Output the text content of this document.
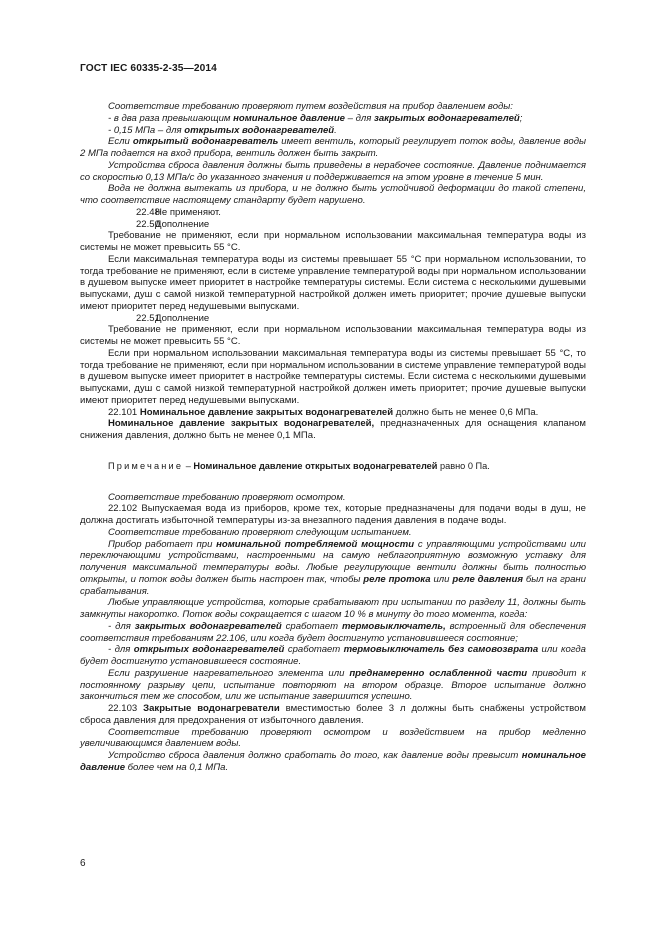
ГОСТ IEC 60335-2-35—2014

Соответствие требованию проверяют путем воздействия на прибор давлением воды:

- в два раза превышающим номинальное давление – для закрытых водонагревателей;

- 0,15 МПа – для открытых водонагревателей.

Если открытый водонагреватель имеет вентиль, который регулирует поток воды, давление воды 2 МПа подается на вход прибора, вентиль должен быть закрыт.

Устройства сброса давления должны быть приведены в нерабочее состояние. Давление поднимается со скоростью 0,13 МПа/с до указанного значения и поддерживается на этом уровне в течение 5 мин.

Вода не должна вытекать из прибора, и не должно быть устойчивой деформации до такой степени, что соответствие настоящему стандарту будет нарушено.

22.48Не применяют.

22.50Дополнение

Требование не применяют, если при нормальном использовании максимальная температура воды из системы не может превысить 55 °С.

Если максимальная температура воды из системы превышает 55 °С при нормальном использовании, то тогда требование не применяют, если в системе управление температурой воды при нормальном использовании в душевом выпуске имеет приоритет в настройке температуры системы. Если система с несколькими душевыми выпусками, душ с самой низкой температурной настройкой должен иметь приоритет; прочие душевые выпуски имеют приоритет перед недушевыми выпусками.

22.51Дополнение

Требование не применяют, если при нормальном использовании максимальная температура воды из системы не может превысить 55 °С.

Если при нормальном использовании максимальная температура воды из системы превышает 55 °С, то тогда требование не применяют, если при нормальном использовании в системе управление температурой воды в душевом выпуске имеет приоритет в настройке температуры системы. Если система с несколькими душевыми выпусками, душ с самой низкой температурной настройкой должен иметь приоритет; прочие душевые выпуски имеют приоритет перед недушевыми выпусками.

22.101 Номинальное давление закрытых водонагревателей должно быть не менее 0,6 МПа.

Номинальное давление закрытых водонагревателей, предназначенных для оснащения клапаном снижения давления, должно быть не менее 0,1 МПа.

Примечание – Номинальное давление открытых водонагревателей равно 0 Па.

Соответствие требованию проверяют осмотром.

22.102 Выпускаемая вода из приборов, кроме тех, которые предназначены для подачи воды в душ, не должна достигать избыточной температуры из-за внезапного падения давления в подаче воды.

Соответствие требованию проверяют следующим испытанием.

Прибор работает при номинальной потребляемой мощности с управляющими устройствами или переключающими устройствами, настроенными на самую неблагоприятную возможную уставку для получения максимальной температуры воды. Любые регулирующие вентили должны быть полностью открыты, и поток воды должен быть настроен так, чтобы реле протока или реле давления был на грани срабатывания.

Любые управляющие устройства, которые срабатывают при испытании по разделу 11, должны быть замкнуты накоротко. Поток воды сокращается с шагом 10 % в минуту до того момента, когда:

- для закрытых водонагревателей сработает термовыключатель, встроенный для обеспечения соответствия требованиям 22.106, или когда будет достигнуто установившееся состояние;

- для открытых водонагревателей сработает термовыключатель без самовозврата или когда будет достигнуто установившееся состояние.

Если разрушение нагревательного элемента или преднамеренно ослабленной части приводит к постоянному разрыву цепи, испытание повторяют на втором образце. Второе испытание должно закончиться тем же способом, или же испытание завершится успешно.

22.103 Закрытые водонагреватели вместимостью более 3 л должны быть снабжены устройством сброса давления для предохранения от избыточного давления.

Соответствие требованию проверяют осмотром и воздействием на прибор медленно увеличивающимся давлением воды.

Устройство сброса давления должно сработать до того, как давление воды превысит номинальное давление более чем на 0,1 МПа.

6
